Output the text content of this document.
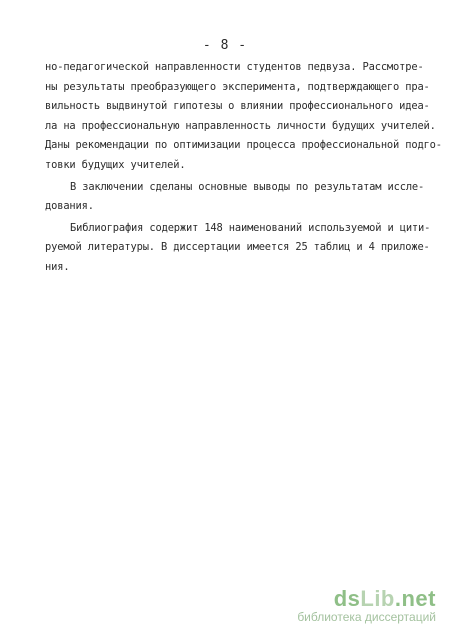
- 8 -
но-педагогической направленности студентов педвуза. Рассмотре-
ны результаты преобразующего эксперимента, подтверждающего пра-
вильность выдвинутой гипотезы о влиянии профессионального идеа-
ла на профессиональную направленность личности будущих учителей.
Даны рекомендации по оптимизации процесса профессиональной подго-
товки будущих учителей.
В заключении сделаны основные выводы по результатам иссле-
дования.
Библиография содержит 148 наименований используемой и цити-
руемой литературы. В диссертации имеется 25 таблиц и 4 приложе-
ния.
dsLib.net
библиотека диссертаций
